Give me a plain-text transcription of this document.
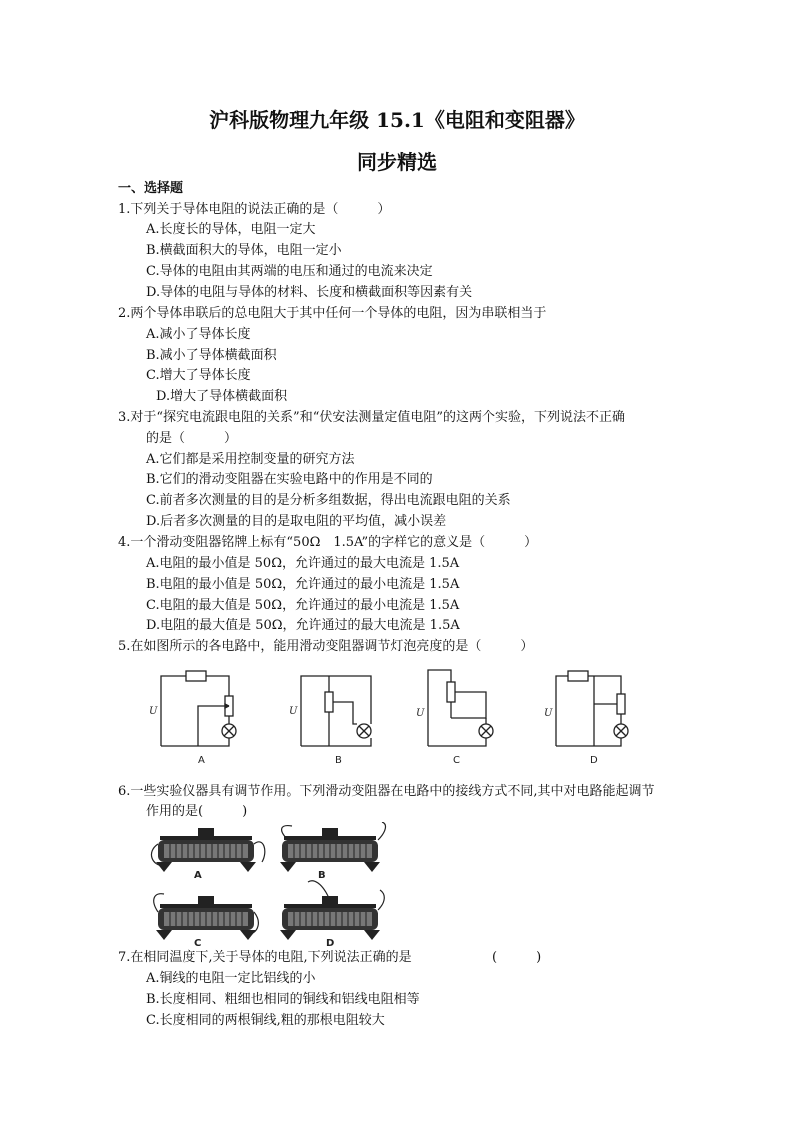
沪科版物理九年级 15.1《电阻和变阻器》
同步精选
一、选择题
1.下列关于导体电阻的说法正确的是（　　　）
A.长度长的导体，电阻一定大
B.横截面积大的导体，电阻一定小
C.导体的电阻由其两端的电压和通过的电流来决定
D.导体的电阻与导体的材料、长度和横截面积等因素有关
2.两个导体串联后的总电阻大于其中任何一个导体的电阻，因为串联相当于
A.减小了导体长度
B.减小了导体横截面积
C.增大了导体长度
D.增大了导体横截面积
3.对于“探究电流跟电阻的关系”和“伏安法测量定值电阻”的这两个实验，下列说法不正确
的是（　　　）
A.它们都是采用控制变量的研究方法
B.它们的滑动变阻器在实验电路中的作用是不同的
C.前者多次测量的目的是分析多组数据，得出电流跟电阻的关系
D.后者多次测量的目的是取电阻的平均值，减小误差
4.一个滑动变阻器铭牌上标有“50Ω　1.5A”的字样它的意义是（　　　）
A.电阻的最小值是 50Ω，允许通过的最大电流是 1.5A
B.电阻的最小值是 50Ω，允许通过的最小电流是 1.5A
C.电阻的最大值是 50Ω，允许通过的最小电流是 1.5A
D.电阻的最大值是 50Ω，允许通过的最大电流是 1.5A
5.在如图所示的各电路中，能用滑动变阻器调节灯泡亮度的是（　　　）
U	U	U	U
A	B	C	D
6.一些实验仪器具有调节作用。下列滑动变阻器在电路中的接线方式不同,其中对电路能起调节
作用的是(　　　)
A	B
C	D
7.在相同温度下,关于导体的电阻,下列说法正确的是	(　　　)
A.铜线的电阻一定比铝线的小
B.长度相同、粗细也相同的铜线和铝线电阻相等
C.长度相同的两根铜线,粗的那根电阻较大
